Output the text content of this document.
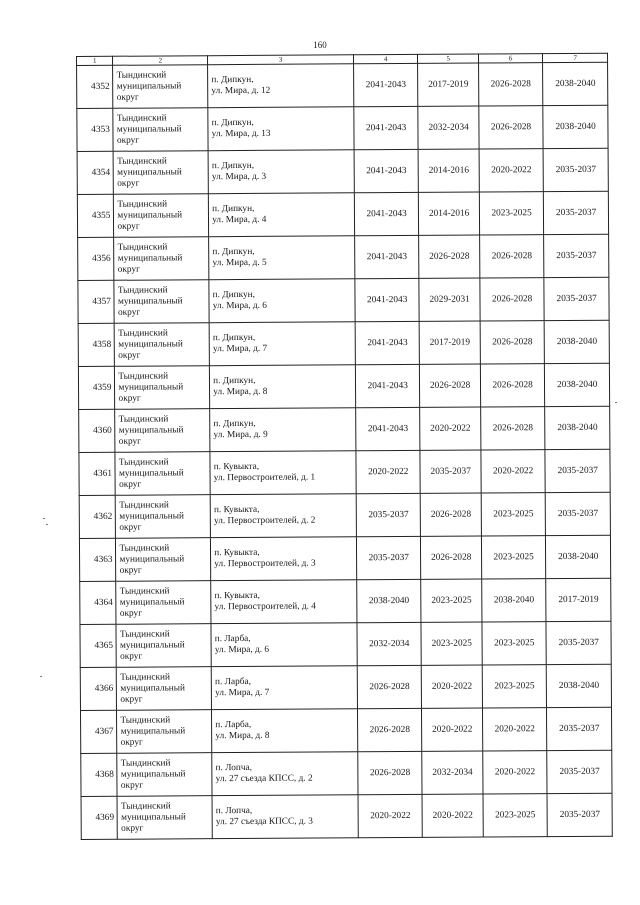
160
1	2	3	4	5	6	7
4352	Тындинский муниципальный округ	п. Дипкун,
ул. Мира, д. 12	2041-2043	2017-2019	2026-2028	2038-2040
4353	Тындинский муниципальный округ	п. Дипкун,
ул. Мира, д. 13	2041-2043	2032-2034	2026-2028	2038-2040
4354	Тындинский муниципальный округ	п. Дипкун,
ул. Мира, д. 3	2041-2043	2014-2016	2020-2022	2035-2037
4355	Тындинский муниципальный округ	п. Дипкун,
ул. Мира, д. 4	2041-2043	2014-2016	2023-2025	2035-2037
4356	Тындинский муниципальный округ	п. Дипкун,
ул. Мира, д. 5	2041-2043	2026-2028	2026-2028	2035-2037
4357	Тындинский муниципальный округ	п. Дипкун,
ул. Мира, д. 6	2041-2043	2029-2031	2026-2028	2035-2037
4358	Тындинский муниципальный округ	п. Дипкун,
ул. Мира, д. 7	2041-2043	2017-2019	2026-2028	2038-2040
4359	Тындинский муниципальный округ	п. Дипкун,
ул. Мира, д. 8	2041-2043	2026-2028	2026-2028	2038-2040
4360	Тындинский муниципальный округ	п. Дипкун,
ул. Мира, д. 9	2041-2043	2020-2022	2026-2028	2038-2040
4361	Тындинский муниципальный округ	п. Кувыкта,
ул. Первостроителей, д. 1	2020-2022	2035-2037	2020-2022	2035-2037
4362	Тындинский муниципальный округ	п. Кувыкта,
ул. Первостроителей, д. 2	2035-2037	2026-2028	2023-2025	2035-2037
4363	Тындинский муниципальный округ	п. Кувыкта,
ул. Первостроителей, д. 3	2035-2037	2026-2028	2023-2025	2038-2040
4364	Тындинский муниципальный округ	п. Кувыкта,
ул. Первостроителей, д. 4	2038-2040	2023-2025	2038-2040	2017-2019
4365	Тындинский муниципальный округ	п. Ларба,
ул. Мира, д. 6	2032-2034	2023-2025	2023-2025	2035-2037
4366	Тындинский муниципальный округ	п. Ларба,
ул. Мира, д. 7	2026-2028	2020-2022	2023-2025	2038-2040
4367	Тындинский муниципальный округ	п. Ларба,
ул. Мира, д. 8	2026-2028	2020-2022	2020-2022	2035-2037
4368	Тындинский муниципальный округ	п. Лопча,
ул. 27 съезда КПСС, д. 2	2026-2028	2032-2034	2020-2022	2035-2037
4369	Тындинский муниципальный округ	п. Лопча,
ул. 27 съезда КПСС, д. 3	2020-2022	2020-2022	2023-2025	2035-2037
